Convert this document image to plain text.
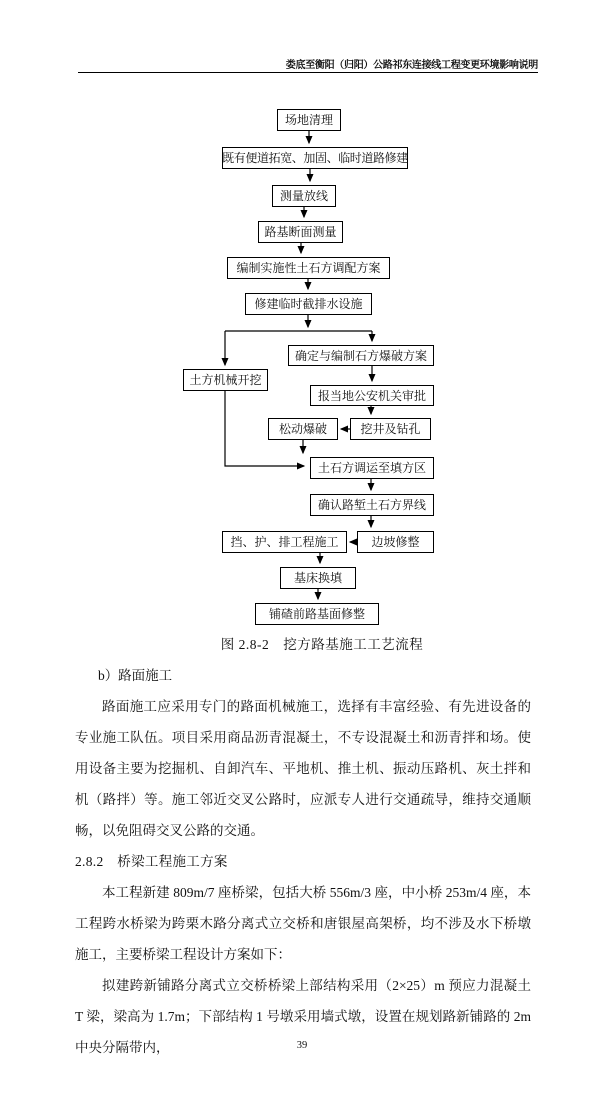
娄底至衡阳（归阳）公路祁东连接线工程变更环境影响说明
场地清理
既有便道拓宽、加固、临时道路修建
测量放线
路基断面测量
编制实施性土石方调配方案
修建临时截排水设施
土方机械开挖
确定与编制石方爆破方案
报当地公安机关审批
松动爆破	挖井及钻孔
土石方调运至填方区
确认路堑土石方界线
挡、护、排工程施工	边坡修整
基床换填
铺碴前路基面修整
图 2.8-2　挖方路基施工工艺流程
b）路面施工
路面施工应采用专门的路面机械施工，选择有丰富经验、有先进设备的专业施工队伍。项目采用商品沥青混凝土，不专设混凝土和沥青拌和场。使用设备主要为挖掘机、自卸汽车、平地机、推土机、振动压路机、灰土拌和机（路拌）等。施工邻近交叉公路时，应派专人进行交通疏导，维持交通顺畅，以免阻碍交叉公路的交通。
2.8.2　桥梁工程施工方案
本工程新建 809m/7 座桥梁，包括大桥 556m/3 座，中小桥 253m/4 座，本工程跨水桥梁为跨栗木路分离式立交桥和唐银屋高架桥，均不涉及水下桥墩施工，主要桥梁工程设计方案如下：
拟建跨新铺路分离式立交桥桥梁上部结构采用（2×25）m 预应力混凝土 T 梁，梁高为 1.7m；下部结构 1 号墩采用墙式墩，设置在规划路新铺路的 2m 中央分隔带内，	39
